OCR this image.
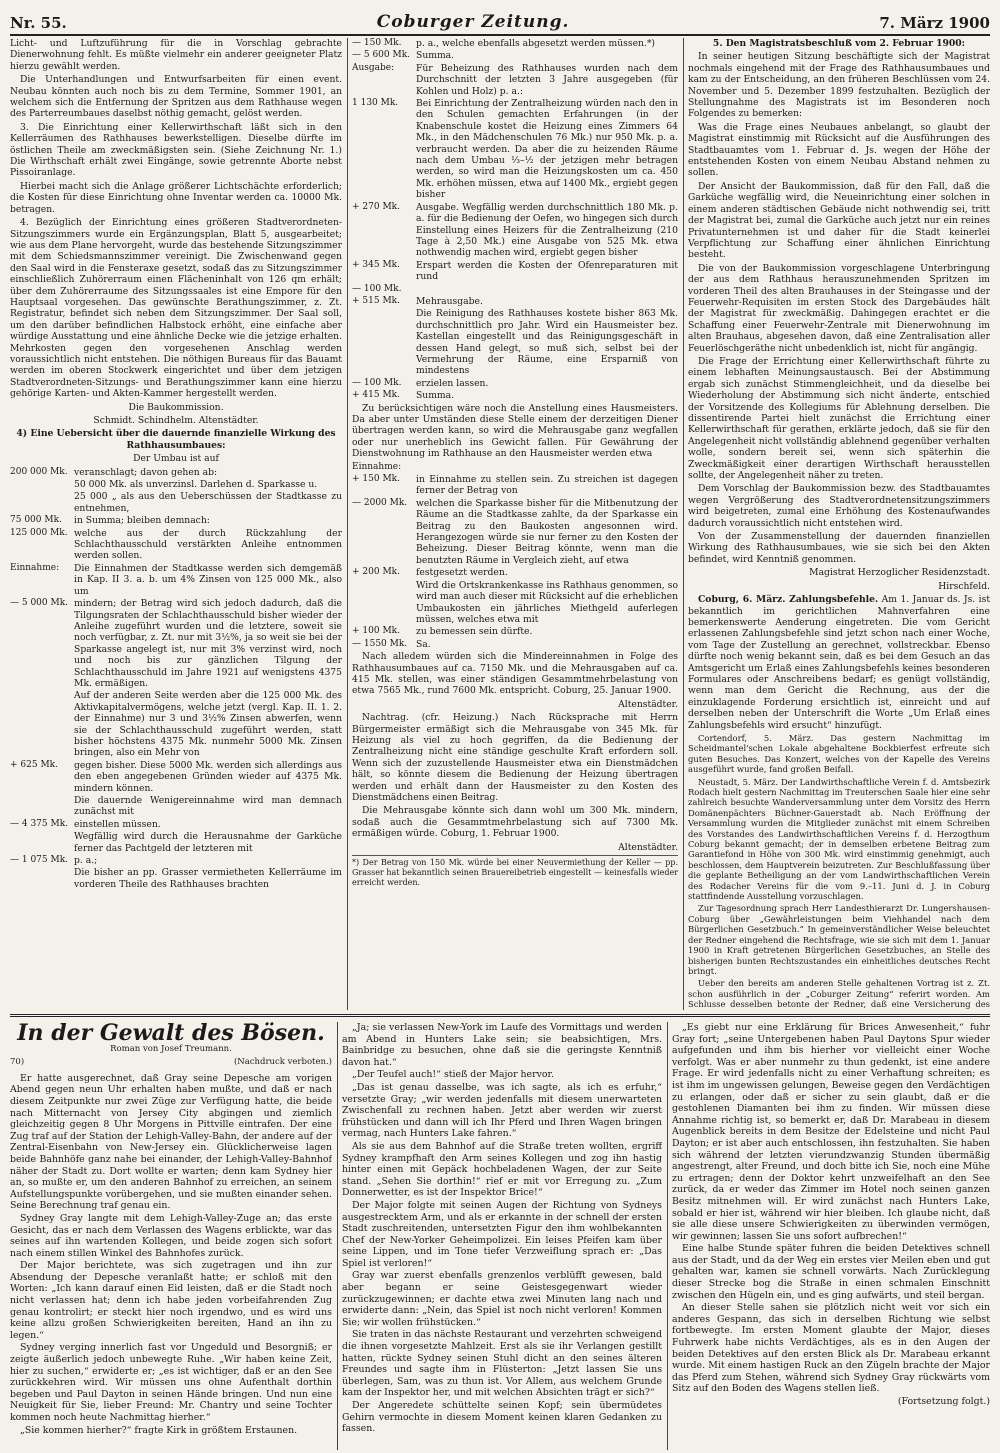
Nr. 55.	Coburger Zeitung.	7. März 1900

Licht- und Luftzuführung für die in Vorschlag gebrachte Dienerwohnung fehlt. Es müßte vielmehr ein anderer geeigneter Platz hierzu gewählt werden.

Die Unterhandlungen und Entwurfsarbeiten für einen event. Neubau könnten auch noch bis zu dem Termine, Sommer 1901, an welchem sich die Entfernung der Spritzen aus dem Rathhause wegen des Parterreumbaues daselbst nöthig gemacht, gelöst werden.

3. Die Einrichtung einer Kellerwirthschaft läßt sich in den Kellerräumen des Rathhauses bewerkstelligen. Dieselbe dürfte im östlichen Theile am zweckmäßigsten sein. (Siehe Zeichnung Nr. 1.) Die Wirthschaft erhält zwei Eingänge, sowie getrennte Aborte nebst Pissoiranlage.

Hierbei macht sich die Anlage größerer Lichtschächte erforderlich; die Kosten für diese Einrichtung ohne Inventar werden ca. 10000 Mk. betragen.

4. Bezüglich der Einrichtung eines größeren Stadtverordneten-Sitzungszimmers wurde ein Ergänzungsplan, Blatt 5, ausgearbeitet; wie aus dem Plane hervorgeht, wurde das bestehende Sitzungszimmer mit dem Schiedsmannszimmer vereinigt. Die Zwischenwand gegen den Saal wird in die Fensteraxe gesetzt, sodaß das zu Sitzungszimmer einschließlich Zuhörerraum einen Flächeninhalt von 126 qm erhält; über dem Zuhörerraume des Sitzungssaales ist eine Empore für den Hauptsaal vorgesehen. Das gewünschte Berathungszimmer, z. Zt. Registratur, befindet sich neben dem Sitzungszimmer. Der Saal soll, um den darüber befindlichen Halbstock erhöht, eine einfache aber würdige Ausstattung und eine ähnliche Decke wie die jetzige erhalten. Mehrkosten gegen den vorgesehenen Anschlag werden voraussichtlich nicht entstehen. Die nöthigen Bureaus für das Bauamt werden im oberen Stockwerk eingerichtet und über dem jetzigen Stadtverordneten-Sitzungs- und Berathungszimmer kann eine hierzu gehörige Karten- und Akten-Kammer hergestellt werden.

Die Baukommission.

Schmidt. Schindhelm. Altenstädter.

4) Eine Uebersicht über die dauernde finanzielle Wirkung des Rathhausumbaues:

Der Umbau ist auf

200 000 Mk. veranschlagt; davon gehen ab:
50 000 Mk. als unverzinsl. Darlehen d. Sparkasse u.
25 000 „ als aus den Ueberschüssen der Stadtkasse zu entnehmen,
75 000 Mk.	in Summa; bleiben demnach:
125 000 Mk. welche aus der durch Rückzahlung der Schlachthausschuld verstärkten Anleihe entnommen werden sollen.
Einnahme:	Die Einnahmen der Stadtkasse werden sich demgemäß in Kap. II 3. a. b. um 4% Zinsen von 125 000 Mk., also um
— 5 000 Mk. mindern; der Betrag wird sich jedoch dadurch, daß die Tilgungsraten der Schlachthausschuld bisher wieder der Anleihe zugeführt wurden und die letztere, soweit sie noch verfügbar, z. Zt. nur mit 3½%, ja so weit sie bei der Sparkasse angelegt ist, nur mit 3% verzinst wird, noch und noch bis zur gänzlichen Tilgung der Schlachthausschuld im Jahre 1921 auf wenigstens 4375 Mk. ermäßigen.
Auf der anderen Seite werden aber die 125 000 Mk. des Aktivkapitalvermögens, welche jetzt (vergl. Kap. II. 1. 2. der Einnahme) nur 3 und 3½% Zinsen abwerfen, wenn sie der Schlachthausschuld zugeführt werden, statt bisher höchstens 4375 Mk. nunmehr 5000 Mk. Zinsen bringen, also ein Mehr von
+ 625 Mk.	gegen bisher. Diese 5000 Mk. werden sich allerdings aus den eben angegebenen Gründen wieder auf 4375 Mk. mindern können.
Die dauernde Wenigereinnahme wird man demnach zunächst mit
— 4 375 Mk. einstellen müssen.
Wegfällig wird durch die Herausnahme der Garküche ferner das Pachtgeld der letzteren mit
— 1 075 Mk. p. a.;
Die bisher an pp. Grasser vermietheten Kellerräume im vorderen Theile des Rathhauses brachten
— 150 Mk.	p. a., welche ebenfalls abgesetzt werden müssen.*)
— 5 600 Mk. Summa.
Ausgabe:	Für Beheizung des Rathhauses wurden nach dem Durchschnitt der letzten 3 Jahre ausgegeben (für Kohlen und Holz) p. a.:
1 130 Mk.	Bei Einrichtung der Zentralheizung würden nach den in den Schulen gemachten Erfahrungen (in der Knabenschule kostet die Heizung eines Zimmers 64 Mk., in den Mädchenschulen 76 Mk.) nur 950 Mk. p. a. verbraucht werden. Da aber die zu heizenden Räume nach dem Umbau ⅓–½ der jetzigen mehr betragen werden, so wird man die Heizungskosten um ca. 450 Mk. erhöhen müssen, etwa auf 1400 Mk., ergiebt gegen bisher
+ 270 Mk.	Ausgabe. Wegfällig werden durchschnittlich 180 Mk. p. a. für die Bedienung der Oefen, wo hingegen sich durch Einstellung eines Heizers für die Zentralheizung (210 Tage à 2,50 Mk.) eine Ausgabe von 525 Mk. etwa nothwendig machen wird, ergiebt gegen bisher
+ 345 Mk.	Erspart werden die Kosten der Ofenreparaturen mit rund
— 100 Mk.
+ 515 Mk.	Mehrausgabe.
Die Reinigung des Rathhauses kostete bisher 863 Mk. durchschnittlich pro Jahr. Wird ein Hausmeister bez. Kastellan eingestellt und das Reinigungsgeschäft in dessen Hand gelegt, so muß sich, selbst bei der Vermehrung der Räume, eine Ersparniß von mindestens
— 100 Mk.	erzielen lassen.
+ 415 Mk.	Summa.

Zu berücksichtigen wäre noch die Anstellung eines Hausmeisters. Da aber unter Umständen diese Stelle einem der derzeitigen Diener übertragen werden kann, so wird die Mehrausgabe ganz wegfallen oder nur unerheblich ins Gewicht fallen. Für Gewährung der Dienstwohnung im Rathhause an den Hausmeister werden etwa

Einnahme:
+ 150 Mk.	in Einnahme zu stellen sein. Zu streichen ist dagegen ferner der Betrag von
— 2000 Mk. welchen die Sparkasse bisher für die Mitbenutzung der Räume an die Stadtkasse zahlte, da der Sparkasse ein Beitrag zu den Baukosten angesonnen wird. Herangezogen würde sie nur ferner zu den Kosten der Beheizung. Dieser Beitrag könnte, wenn man die benutzten Räume in Vergleich zieht, auf etwa
+ 200 Mk.	festgesetzt werden.
Wird die Ortskrankenkasse ins Rathhaus genommen, so wird man auch dieser mit Rücksicht auf die erheblichen Umbaukosten ein jährliches Miethgeld auferlegen müssen, welches etwa mit
+ 100 Mk.	zu bemessen sein dürfte.
— 1550 Mk. Sa.

Nach alledem würden sich die Mindereinnahmen in Folge des Rathhausumbaues auf ca. 7150 Mk. und die Mehrausgaben auf ca. 415 Mk. stellen, was einer ständigen Gesammtmehrbelastung von etwa 7565 Mk., rund 7600 Mk. entspricht. Coburg, 25. Januar 1900.

Altenstädter.

Nachtrag. (cfr. Heizung.) Nach Rücksprache mit Herrn Bürgermeister ermäßigt sich die Mehrausgabe von 345 Mk. für Heizung als viel zu hoch gegriffen, da die Bedienung der Zentralheizung nicht eine ständige geschulte Kraft erfordern soll. Wenn sich der zuzustellende Hausmeister etwa ein Dienstmädchen hält, so könnte diesem die Bedienung der Heizung übertragen werden und erhält dann der Hausmeister zu den Kosten des Dienstmädchens einen Beitrag.

Die Mehrausgabe könnte sich dann wohl um 300 Mk. mindern, sodaß auch die Gesammtmehrbelastung sich auf 7300 Mk. ermäßigen würde. Coburg, 1. Februar 1900.

Altenstädter.

*) Der Betrag von 150 Mk. würde bei einer Neuvermiethung der Keller — pp. Grasser hat bekanntlich seinen Brauereibetrieb eingestellt — keinesfalls wieder erreicht werden.

5. Den Magistratsbeschluß vom 2. Februar 1900:

In seiner heutigen Sitzung beschäftigte sich der Magistrat nochmals eingehend mit der Frage des Rathhausumbaues und kam zu der Entscheidung, an den früheren Beschlüssen vom 24. November und 5. Dezember 1899 festzuhalten. Bezüglich der Stellungnahme des Magistrats ist im Besonderen noch Folgendes zu bemerken:

Was die Frage eines Neubaues anbelangt, so glaubt der Magistrat einstimmig mit Rücksicht auf die Ausführungen des Stadtbauamtes vom 1. Februar d. Js. wegen der Höhe der entstehenden Kosten von einem Neubau Abstand nehmen zu sollen.

Der Ansicht der Baukommission, daß für den Fall, daß die Garküche wegfällig wird, die Neueinrichtung einer solchen in einem anderen städtischen Gebäude nicht nothwendig sei, tritt der Magistrat bei, zumal die Garküche auch jetzt nur ein reines Privatunternehmen ist und daher für die Stadt keinerlei Verpflichtung zur Schaffung einer ähnlichen Einrichtung besteht.

Die von der Baukommission vorgeschlagene Unterbringung der aus dem Rathhaus herauszunehmenden Spritzen im vorderen Theil des alten Brauhauses in der Steingasse und der Feuerwehr-Requisiten im ersten Stock des Dargebäudes hält der Magistrat für zweckmäßig. Dahingegen erachtet er die Schaffung einer Feuerwehr-Zentrale mit Dienerwohnung im alten Brauhaus, abgesehen davon, daß eine Zentralisation aller Feuerlöschgeräthe nicht unbedenklich ist, nicht für angängig.

Die Frage der Errichtung einer Kellerwirthschaft führte zu einem lebhaften Meinungsaustausch. Bei der Abstimmung ergab sich zunächst Stimmengleichheit, und da dieselbe bei Wiederholung der Abstimmung sich nicht änderte, entschied der Vorsitzende des Kollegiums für Ablehnung derselben. Die dissentirende Partei hielt zunächst die Errichtung einer Kellerwirthschaft für gerathen, erklärte jedoch, daß sie für den Angelegenheit nicht vollständig ablehnend gegenüber verhalten wolle, sondern bereit sei, wenn sich späterhin die Zweckmäßigkeit einer derartigen Wirthschaft herausstellen sollte, der Angelegenheit näher zu treten.

Dem Vorschlag der Baukommission bezw. des Stadtbauamtes wegen Vergrößerung des Stadtverordnetensitzungszimmers wird beigetreten, zumal eine Erhöhung des Kostenaufwandes dadurch voraussichtlich nicht entstehen wird.

Von der Zusammenstellung der dauernden finanziellen Wirkung des Rathhausumbaues, wie sie sich bei den Akten befindet, wird Kenntniß genommen.

Magistrat Herzoglicher Residenzstadt.

Hirschfeld.

Coburg, 6. März. Zahlungsbefehle. Am 1. Januar ds. Js. ist bekanntlich im gerichtlichen Mahnverfahren eine bemerkenswerte Aenderung eingetreten. Die vom Gericht erlassenen Zahlungsbefehle sind jetzt schon nach einer Woche, vom Tage der Zustellung an gerechnet, vollstreckbar. Ebenso dürfte noch wenig bekannt sein, daß es bei dem Gesuch an das Amtsgericht um Erlaß eines Zahlungsbefehls keines besonderen Formulares oder Anschreibens bedarf; es genügt vollständig, wenn man dem Gericht die Rechnung, aus der die einzuklagende Forderung ersichtlich ist, einreicht und auf derselben neben der Unterschrift die Worte „Um Erlaß eines Zahlungsbefehls wird ersucht“ hinzufügt.

Cortendorf, 5. März. Das gestern Nachmittag im Scheidmantel'schen Lokale abgehaltene Bockbierfest erfreute sich guten Besuches. Das Konzert, welches von der Kapelle des Vereins ausgeführt wurde, fand großen Beifall.

Neustadt, 5. März. Der Landwirthschaftliche Verein f. d. Amtsbezirk Rodach hielt gestern Nachmittag im Treuterschen Saale hier eine sehr zahlreich besuchte Wanderversammlung unter dem Vorsitz des Herrn Domänenpächters Büchner-Gauerstadt ab. Nach Eröffnung der Versammlung wurden die Mitglieder zunächst mit einem Schreiben des Vorstandes des Landwirthschaftlichen Vereins f. d. Herzogthum Coburg bekannt gemacht; der in demselben erbetene Beitrag zum Garantiefond in Höhe von 300 Mk. wird einstimmig genehmigt, auch beschlossen, dem Hauptverein beizutreten. Zur Beschlußfassung über die geplante Betheiligung an der vom Landwirthschaftlichen Verein des Rodacher Vereins für die vom 9.–11. Juni d. J. in Coburg stattfindende Ausstellung vorzuschlagen.

Zur Tagesordnung sprach Herr Landesthierarzt Dr. Lungershausen-Coburg über „Gewährleistungen beim Viehhandel nach dem Bürgerlichen Gesetzbuch.“ In gemeinverständlicher Weise beleuchtet der Redner eingehend die Rechtsfrage, wie sie sich mit dem 1. Januar 1900 in Kraft getretenen Bürgerlichen Gesetzbuches, an Stelle des bisherigen bunten Rechtszustandes ein einheitliches deutsches Recht bringt.

Ueber den bereits am anderen Stelle gehaltenen Vortrag ist z. Zt. schon ausführlich in der „Coburger Zeitung“ referirt worden. Am Schlusse desselben betonte der Redner, daß eine Versicherung des

In der Gewalt des Bösen.
Roman von Josef Treumann.
70)	(Nachdruck verboten.)

Er hatte ausgerechnet, daß Gray seine Depesche am vorigen Abend gegen neun Uhr erhalten haben mußte, und daß er nach diesem Zeitpunkte nur zwei Züge zur Verfügung hatte, die beide nach Mitternacht von Jersey City abgingen und ziemlich gleichzeitig gegen 8 Uhr Morgens in Pittville eintrafen. Der eine Zug traf auf der Station der Lehigh-Valley-Bahn, der andere auf der Zentral-Eisenbahn von New-Jersey ein. Glücklicherweise lagen beide Bahnhöfe ganz nahe bei einander, der Lehigh-Valley-Bahnhof näher der Stadt zu. Dort wollte er warten; denn kam Sydney hier an, so mußte er, um den anderen Bahnhof zu erreichen, an seinem Aufstellungspunkte vorübergehen, und sie mußten einander sehen. Seine Berechnung traf genau ein.

Sydney Gray langte mit dem Lehigh-Valley-Zuge an; das erste Gesicht, das er nach dem Verlassen des Wagens erblickte, war das seines auf ihn wartenden Kollegen, und beide zogen sich sofort nach einem stillen Winkel des Bahnhofes zurück.

Der Major berichtete, was sich zugetragen und ihn zur Absendung der Depesche veranlaßt hatte; er schloß mit den Worten: „Ich kann darauf einen Eid leisten, daß er die Stadt noch nicht verlassen hat; denn ich habe jeden vorbeifahrenden Zug genau kontrolirt; er steckt hier noch irgendwo, und es wird uns keine allzu großen Schwierigkeiten bereiten, Hand an ihn zu legen.“

Sydney verging innerlich fast vor Ungeduld und Besorgniß; er zeigte äußerlich jedoch unbewegte Ruhe. „Wir haben keine Zeit, hier zu suchen,“ erwiderte er; „es ist wichtiger, daß er an den See zurückkehren wird. Wir müssen uns ohne Aufenthalt dorthin begeben und Paul Dayton in seinen Hände bringen. Und nun eine Neuigkeit für Sie, lieber Freund: Mr. Chantry und seine Tochter kommen noch heute Nachmittag hierher.“

„Sie kommen hierher?“ fragte Kirk in größtem Erstaunen.

„Ja; sie verlassen New-York im Laufe des Vormittags und werden am Abend in Hunters Lake sein; sie beabsichtigen, Mrs. Bainbridge zu besuchen, ohne daß sie die geringste Kenntniß davon hat.“

„Der Teufel auch!“ stieß der Major hervor.

„Das ist genau dasselbe, was ich sagte, als ich es erfuhr,“ versetzte Gray; „wir werden jedenfalls mit diesem unerwarteten Zwischenfall zu rechnen haben. Jetzt aber werden wir zuerst frühstücken und dann will ich Ihr Pferd und Ihren Wagen bringen vermag, nach Hunters Lake fahren.“

Als sie aus dem Bahnhof auf die Straße treten wollten, ergriff Sydney krampfhaft den Arm seines Kollegen und zog ihn hastig hinter einen mit Gepäck hochbeladenen Wagen, der zur Seite stand. „Sehen Sie dorthin!“ rief er mit vor Erregung zu. „Zum Donnerwetter, es ist der Inspektor Brice!“

Der Major folgte mit seinen Augen der Richtung von Sydneys ausgestrecktem Arm, und als er erkannte in der schnell der ersten Stadt zuschreitenden, untersetzten Figur den ihm wohlbekannten Chef der New-Yorker Geheimpolizei. Ein leises Pfeifen kam über seine Lippen, und im Tone tiefer Verzweiflung sprach er: „Das Spiel ist verloren!“

Gray war zuerst ebenfalls grenzenlos verblüfft gewesen, bald aber begann er seine Geistesgegenwart wieder zurückzugewinnen; er dachte etwa zwei Minuten lang nach und erwiderte dann: „Nein, das Spiel ist noch nicht verloren! Kommen Sie; wir wollen frühstücken.“

Sie traten in das nächste Restaurant und verzehrten schweigend die ihnen vorgesetzte Mahlzeit. Erst als sie ihr Verlangen gestillt hatten, rückte Sydney seinen Stuhl dicht an den seines älteren Freundes und sagte ihm in Flüsterton: „Jetzt lassen Sie uns überlegen, Sam, was zu thun ist. Vor Allem, aus welchem Grunde kam der Inspektor her, und mit welchen Absichten trägt er sich?“

Der Angeredete schüttelte seinen Kopf; sein übermüdetes Gehirn vermochte in diesem Moment keinen klaren Gedanken zu fassen.

„Es giebt nur eine Erklärung für Brices Anwesenheit,“ fuhr Gray fort; „seine Untergebenen haben Paul Daytons Spur wieder aufgefunden und ihm bis hierher vor vielleicht einer Woche verfolgt. Was er aber nunmehr zu thun gedenkt, ist eine andere Frage. Er wird jedenfalls nicht zu einer Verhaftung schreiten; es ist ihm im ungewissen gelungen, Beweise gegen den Verdächtigen zu erlangen, oder daß er sicher zu sein glaubt, daß er die gestohlenen Diamanten bei ihm zu finden. Wir müssen diese Annahme richtig ist, so bemerkt er, daß Dr. Marabeau in diesem Augenblick bereits in dem Besitze der Edelsteine und nicht Paul Dayton; er ist aber auch entschlossen, ihn festzuhalten. Sie haben sich während der letzten vierundzwanzig Stunden übermäßig angestrengt, alter Freund, und doch bitte ich Sie, noch eine Mühe zu ertragen; denn der Doktor kehrt unzweifelhaft an den See zurück, da er weder das Zimmer im Hotel noch seinen ganzen Besitz mitnehmen will. Er wird zunächst nach Hunters Lake, sobald er hier ist, während wir hier bleiben. Ich glaube nicht, daß sie alle diese unsere Schwierigkeiten zu überwinden vermögen, wir gewinnen; lassen Sie uns sofort aufbrechen!“

Eine halbe Stunde später fuhren die beiden Detektives schnell aus der Stadt, und da der Weg ein erstes vier Meilen eben und gut gehalten war, kamen sie schnell vorwärts. Nach Zurücklegung dieser Strecke bog die Straße in einen schmalen Einschnitt zwischen den Hügeln ein, und es ging aufwärts, und steil bergan.

An dieser Stelle sahen sie plötzlich nicht weit vor sich ein anderes Gespann, das sich in derselben Richtung wie selbst fortbewegte. Im ersten Moment glaubte der Major, dieses Fuhrwerk habe nichts Verdächtiges, als es in den Augen der beiden Detektives auf den ersten Blick als Dr. Marabeau erkannt wurde. Mit einem hastigen Ruck an den Zügeln brachte der Major das Pferd zum Stehen, während sich Sydney Gray rückwärts vom Sitz auf den Boden des Wagens stellen ließ.

(Fortsetzung folgt.)
